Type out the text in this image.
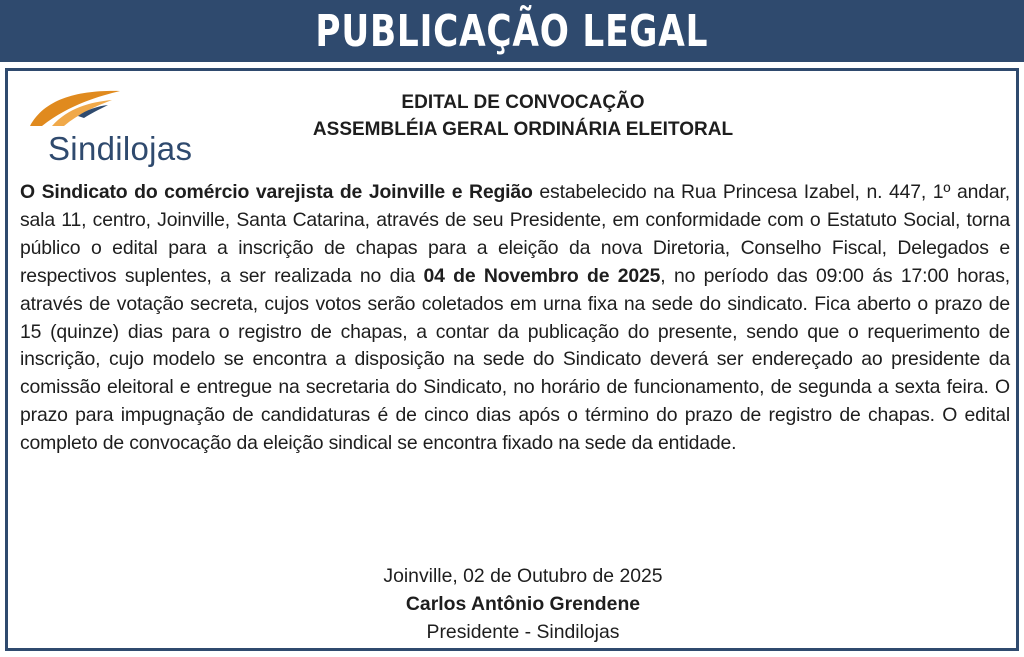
PUBLICAÇÃO LEGAL
Sindilojas
EDITAL DE CONVOCAÇÃO
ASSEMBLÉIA GERAL ORDINÁRIA ELEITORAL
O Sindicato do comércio varejista de Joinville e Região estabelecido na Rua Princesa Izabel, n. 447, 1º andar, sala 11, centro, Joinville, Santa Catarina, através de seu Presidente, em conformidade com o Estatuto Social, torna público o edital para a inscrição de chapas para a eleição da nova Diretoria, Conselho Fiscal, Delegados e respectivos suplentes, a ser realizada no dia 04 de Novembro de 2025, no período das 09:00 ás 17:00 horas, através de votação secreta, cujos votos serão coletados em urna fixa na sede do sindicato. Fica aberto o prazo de 15 (quinze) dias para o registro de chapas, a contar da publicação do presente, sendo que o requerimento de inscrição, cujo modelo se encontra a disposição na sede do Sindicato deverá ser endereçado ao presidente da comissão eleitoral e entregue na secretaria do Sindicato, no horário de funcionamento, de segunda a sexta feira. O prazo para impugnação de candidaturas é de cinco dias após o término do prazo de registro de chapas. O edital completo de convocação da eleição sindical se encontra fixado na sede da entidade.
Joinville, 02 de Outubro de 2025
Carlos Antônio Grendene
Presidente - Sindilojas
